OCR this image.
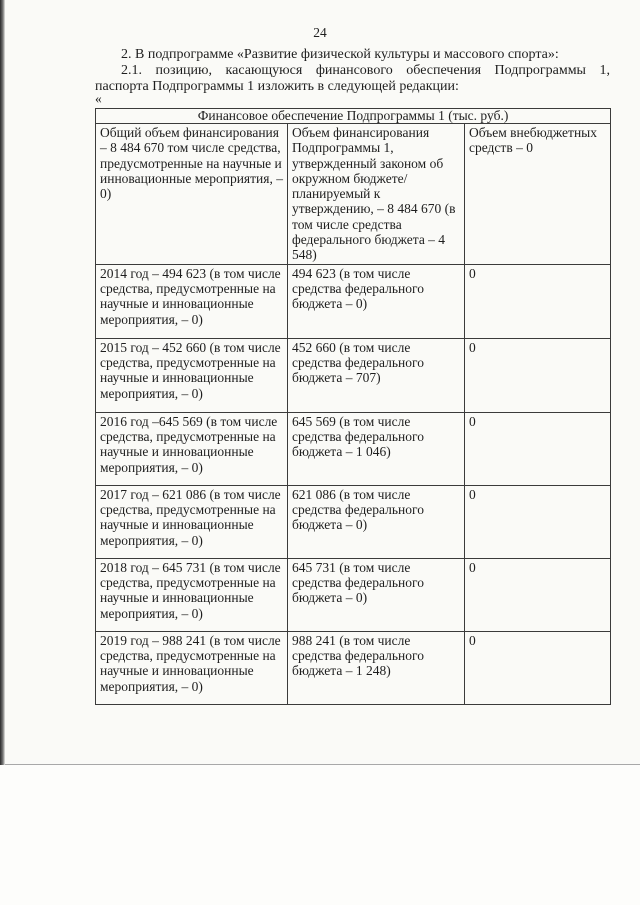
24
2. В подпрограмме «Развитие физической культуры и массового спорта»:
2.1. позицию, касающуюся финансового обеспечения Подпрограммы 1,
паспорта Подпрограммы 1 изложить в следующей редакции:
«
Финансовое обеспечение Подпрограммы 1 (тыс. руб.)		
Общий объем финансирования – 8 484 670 том числе средства, предусмотренные на научные и инновационные мероприятия, – 0)	Объем финансирования Подпрограммы 1, утвержденный законом об окружном бюджете/ планируемый к утверждению, – 8 484 670 (в том числе средства федерального бюджета – 4 548)	Объем внебюджетных средств – 0
2014 год – 494 623 (в том числе средства, предусмотренные на научные и инновационные мероприятия, – 0)	494 623 (в том числе средства федерального бюджета – 0)	0
2015 год – 452 660 (в том числе средства, предусмотренные на научные и инновационные мероприятия, – 0)	452 660 (в том числе средства федерального бюджета – 707)	0
2016 год –645 569 (в том числе средства, предусмотренные на научные и инновационные мероприятия, – 0)	645 569 (в том числе средства федерального бюджета – 1 046)	0
2017 год – 621 086 (в том числе средства, предусмотренные на научные и инновационные мероприятия, – 0)	621 086 (в том числе средства федерального бюджета – 0)	0
2018 год – 645 731 (в том числе средства, предусмотренные на научные и инновационные мероприятия, – 0)	645 731 (в том числе средства федерального бюджета – 0)	0
2019 год – 988 241 (в том числе средства, предусмотренные на научные и инновационные мероприятия, – 0)	988 241 (в том числе средства федерального бюджета – 1 248)	0
